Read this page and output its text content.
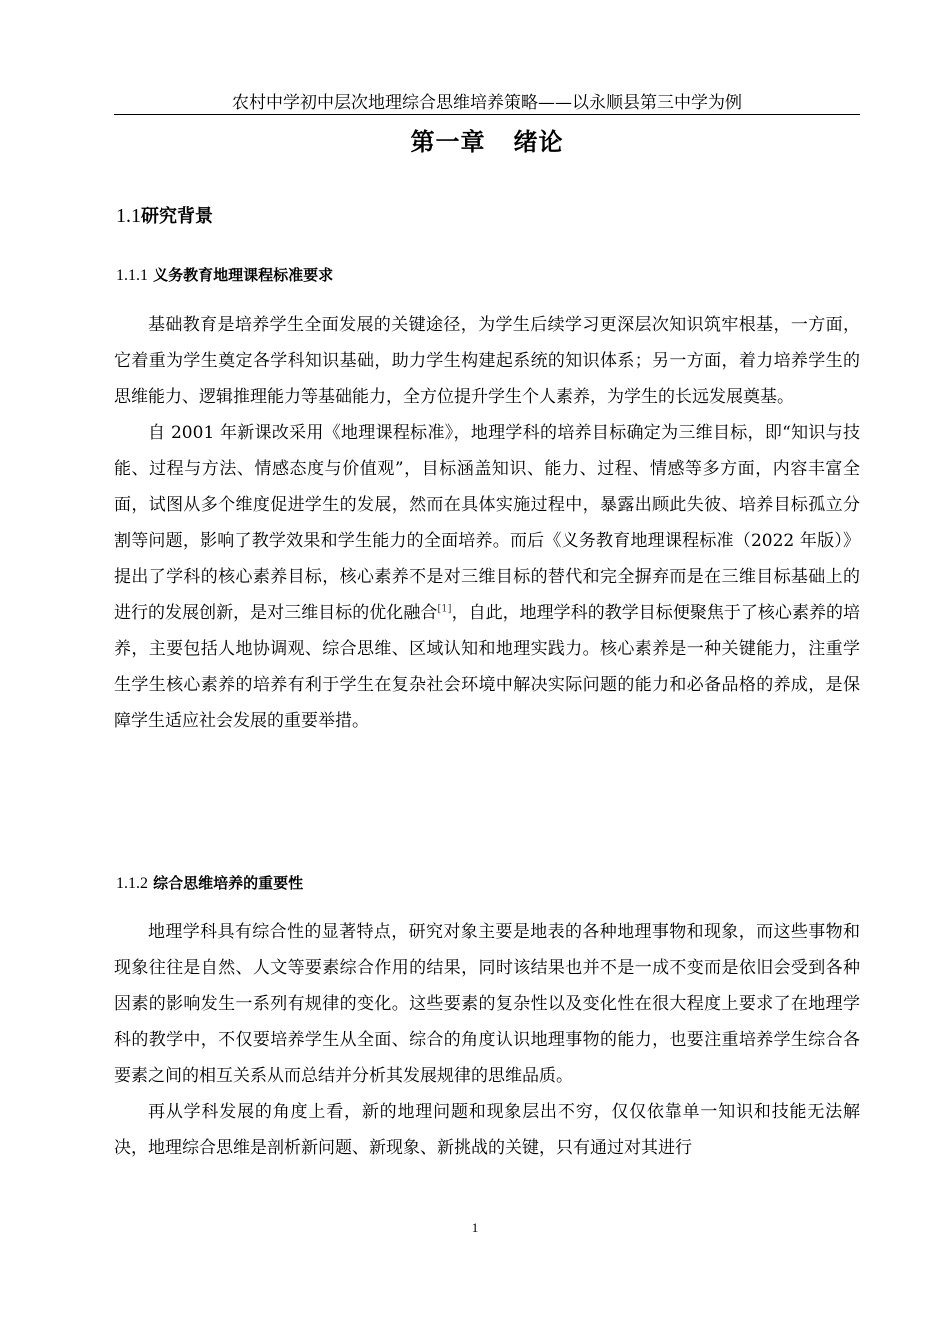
农村中学初中层次地理综合思维培养策略——以永顺县第三中学为例
第一章 绪论
1.1研究背景
1.1.1 义务教育地理课程标准要求

基础教育是培养学生全面发展的关键途径，为学生后续学习更深层次知识筑牢根基，一方面，它着重为学生奠定各学科知识基础，助力学生构建起系统的知识体系；另一方面，着力培养学生的思维能力、逻辑推理能力等基础能力，全方位提升学生个人素养，为学生的长远发展奠基。

自 2001 年新课改采用《地理课程标准》，地理学科的培养目标确定为三维目标，即“知识与技能、过程与方法、情感态度与价值观”，目标涵盖知识、能力、过程、情感等多方面，内容丰富全面，试图从多个维度促进学生的发展，然而在具体实施过程中，暴露出顾此失彼、培养目标孤立分割等问题，影响了教学效果和学生能力的全面培养。而后《义务教育地理课程标准（2022 年版）》提出了学科的核心素养目标，核心素养不是对三维目标的替代和完全摒弃而是在三维目标基础上的进行的发展创新，是对三维目标的优化融合[1]，自此，地理学科的教学目标便聚焦于了核心素养的培养，主要包括人地协调观、综合思维、区域认知和地理实践力。核心素养是一种关键能力，注重学生学生核心素养的培养有利于学生在复杂社会环境中解决实际问题的能力和必备品格的养成，是保障学生适应社会发展的重要举措。

1.1.2 综合思维培养的重要性

地理学科具有综合性的显著特点，研究对象主要是地表的各种地理事物和现象，而这些事物和现象往往是自然、人文等要素综合作用的结果，同时该结果也并不是一成不变而是依旧会受到各种因素的影响发生一系列有规律的变化。这些要素的复杂性以及变化性在很大程度上要求了在地理学科的教学中，不仅要培养学生从全面、综合的角度认识地理事物的能力，也要注重培养学生综合各要素之间的相互关系从而总结并分析其发展规律的思维品质。

再从学科发展的角度上看，新的地理问题和现象层出不穷，仅仅依靠单一知识和技能无法解决，地理综合思维是剖析新问题、新现象、新挑战的关键，只有通过对其进行

1
